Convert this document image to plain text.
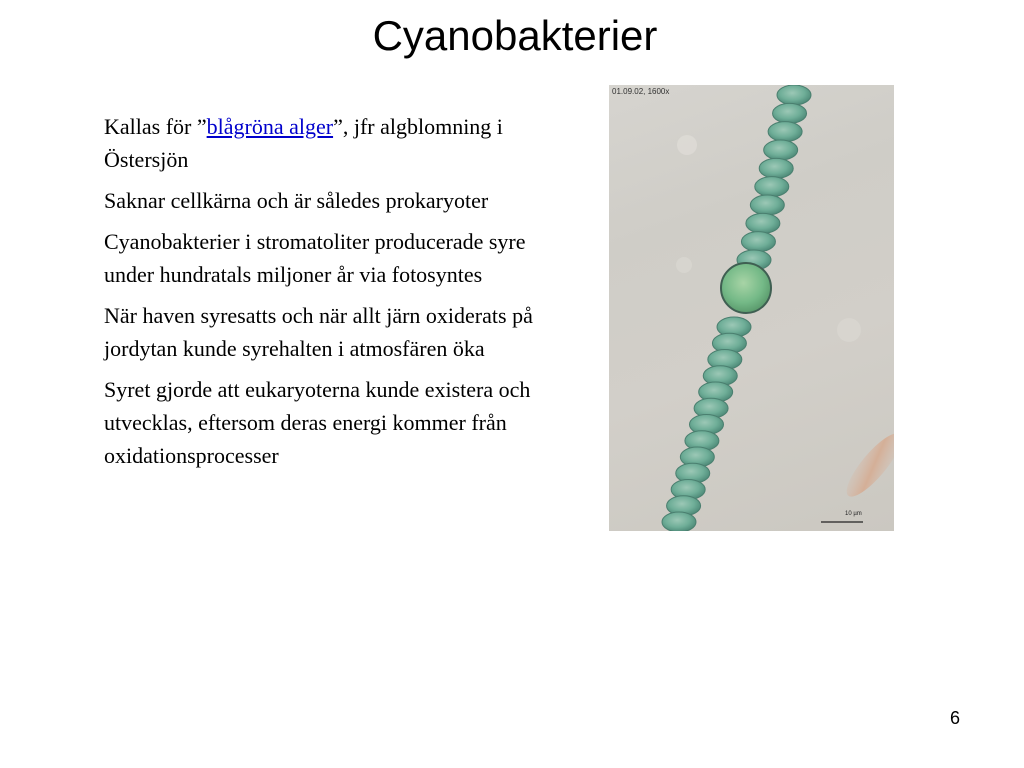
Cyanobakterier

Kallas för ”blågröna alger”, jfr algblomning i Östersjön

Saknar cellkärna och är således prokaryoter

Cyanobakterier i stromatoliter producerade syre under hundratals miljoner år via fotosyntes

När haven syresatts och när allt järn oxiderats på jordytan kunde syrehalten i atmosfären öka

Syret gjorde att eukaryoterna kunde existera och utvecklas, eftersom deras energi kommer från oxidationsprocesser

01.09.02, 1600x
10 µm
6
